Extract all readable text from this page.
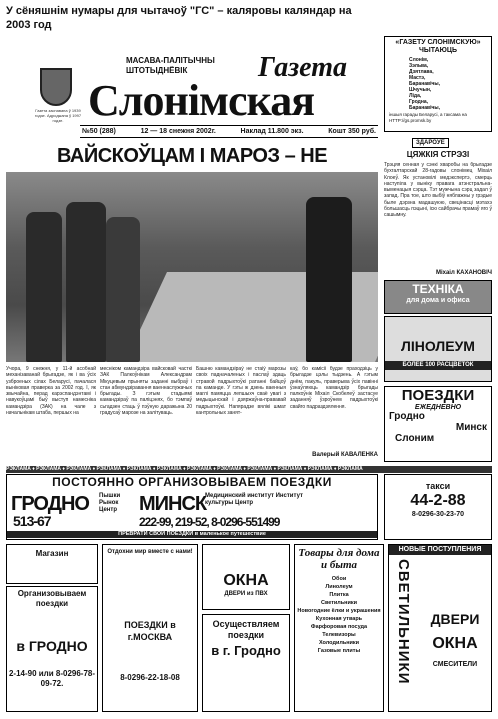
У сёняшнім нумары для чытачоў "ГС" – каляровы каляндар на 2003 год
Газета заснавана ў 1939 годзе. Адроджана ў 1997 годзе.
МАСАВА-ПАЛІТЫЧНЫ ШТОТЫДНЁВІК	Газета
Слонімская
№50 (288)	12 — 18 снежня 2002г.	Наклад 11.800 экз.	Кошт 350 руб.
ВАЙСКОЎЦАМ І МАРОЗ – НЕ
Учора, 9 снежня, у 11-й асобнай механізаванай брыгадзе, як і ва ўсіх узброеных сілах Беларусі, пачалася выніковая праверка за 2002 год. І, як звычайна, перад карэспандэнтамі і навукоўцамі быў выступ намесніка камандзіра (ЗАК) на чале з начальнікам штаба, першых на
месніком камандзіра вайсковай часткі ЗАК Палкоўнікам Александрам Мікуцевым прыняты заданні выбраў і стан абмундзіравання ваеннаслужачых брыгады. З гэтым стадыямі камандзіраў па паліцэнях, бо тэмпаў сьгадзен стаць ў пэўную даражына 20 градусаў марозе на залітуваць.
Башню камандзіраў не стаіў марозы своіх падначаленых і паслаў здаць стравой падрыхтоўкі ратанні байцоў па каманде. У гэты ж дзень ваенныя маглі памяцца лепшыхч сваё увагі з медыцынскай і дзяржаўна-прававай падрыхтоўкі. Напярадзе вялікі шмат кантрольных занят-
каў, бо камісіі будзе праходзіць у брыгадзе цэлы тыдзень. А гэтым днём, пакуль, праверыва ўсіх павінні ўзнаўляюць камандзір брыгады палкоўнік Міхаіл Скобелеў застасуе заданняў ўзроўнем падрыхтоўкі свайго падраздзялення.
Валерый КАВАЛЕНКА
«ГАЗЕТУ СЛОНІМСКУЮ» ЧЫТАЮЦЬ
Слонім,
Зэльва,
Дзятлава,
Мастэ,
Баранавічы,
Шчучын,
Ліда,
Гродна,
Баранавічы,
іншыя гарады Беларусі, а таксама на HTTP://gs.promsk.by
ЗДАРОЎЕ
ЦЯЖКІЯ СТРЭЗІ
Трэцяя сенная у сэнкі хваробы на брыгадзе бухгалтарскай 28-гадовы слонімец Міхаіл Клоеў. Як установілі медэкспертэ, смерць наступіла у выніку правага атэнстральна-выменацыя сэрца. Тэт мужчына сэрц задал ў запад. Пра тое, што выбіў няблажны у грэдые быле дэрзна мадашуюю, свецінасці мэтахэ большасць пэцыні, ісю сайбрачы прамаў яго ў сашымну.
Міхаіл КАХАНОВІЧ
ТЕХНІКА
для дома и офиса
ЛІНОЛЕУМ
БОЛЕЕ 100 РАСЦВЕТОК
ПОЕЗДКИ
ЕЖЕДНЕВНО
Гродно
Минск
Слоним
РЭКЛАМА ♦ РЭКЛАМА ♦ РЭКЛАМА ♦ РЭКЛАМА ♦ РЭКЛАМА ♦ РЭКЛАМА ♦ РЭКЛАМА ♦ РЭКЛАМА ♦ РЭКЛАМА ♦ РЭКЛАМА ♦ РЭКЛАМА ♦ РЭКЛАМА
ПОСТОЯННО ОРГАНИЗОВЫВАЕМ ПОЕЗДКИ
ГРОДНО Пышки Рынок Центр
513-67
МИНСК
Медицинский институт Институт культуры Центр
222-99, 219-52, 8-0296-551499
ПРЕВРАТИ СВОИ ПОЕЗДКИ в маленькое путешествие
такси
44-2-88
8-0296-30-23-70
Магазин
Организовываем поездки
в ГРОДНО
2-14-90 или 8-0296-78-09-72.
Отдохни мир вместе с нами!
ПОЕЗДКИ в г.МОСКВА
8-0296-22-18-08
ОКНА
ДВЕРИ из ПВХ
Осуществляем поездки
в г. Гродно
Товары для дома и быта
Обои
Линолеум
Плитка
Светильники
Новогодние ёлки и украшения
Кухонная утварь
Фарфоровая посуда
Телевизоры
Холодильники
Газовые плиты
НОВЫЕ ПОСТУПЛЕНИЯ
СВЕТИЛЬНИКИ	ДВЕРИ
ОКНА
СМЕСИТЕЛИ
